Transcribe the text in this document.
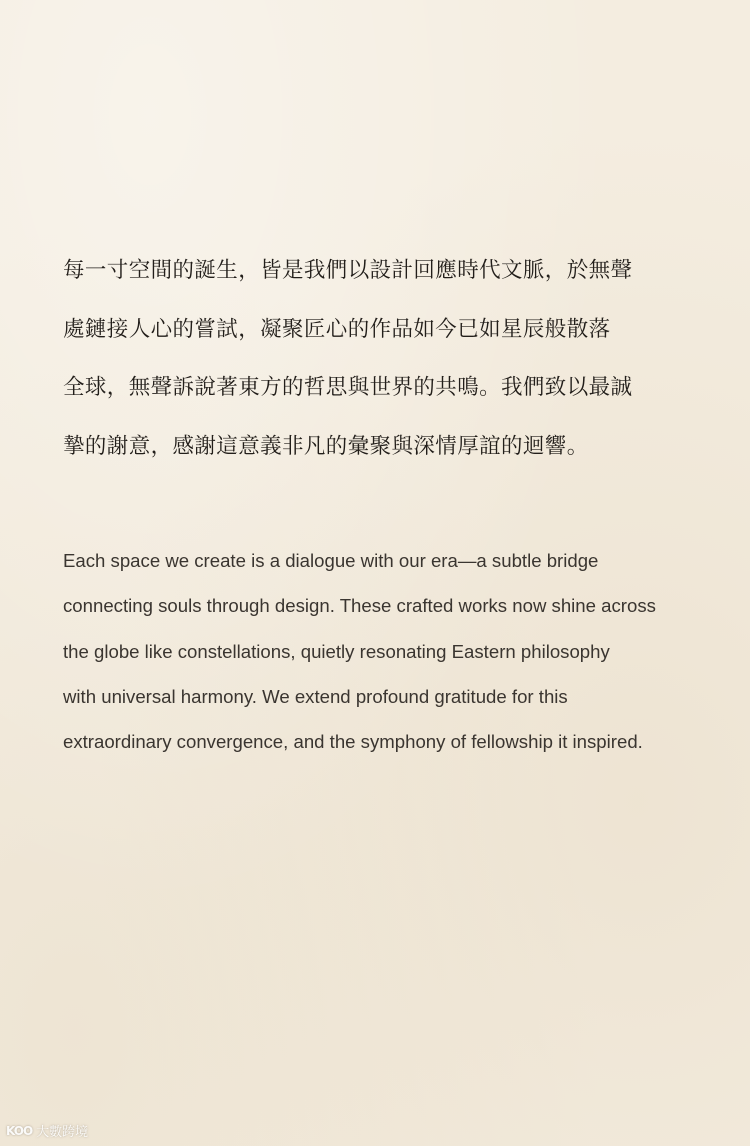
每一寸空間的誕生，皆是我們以設計回應時代文脈，於無聲
處鏈接人心的嘗試，凝聚匠心的作品如今已如星辰般散落
全球，無聲訴說著東方的哲思與世界的共鳴。我們致以最誠
摯的謝意，感謝這意義非凡的彙聚與深情厚誼的迴響。
Each space we create is a dialogue with our era—a subtle bridge
connecting souls through design. These crafted works now shine across
the globe like constellations, quietly resonating Eastern philosophy
with universal harmony. We extend profound gratitude for this
extraordinary convergence, and the symphony of fellowship it inspired.
KOO 大數跨境
